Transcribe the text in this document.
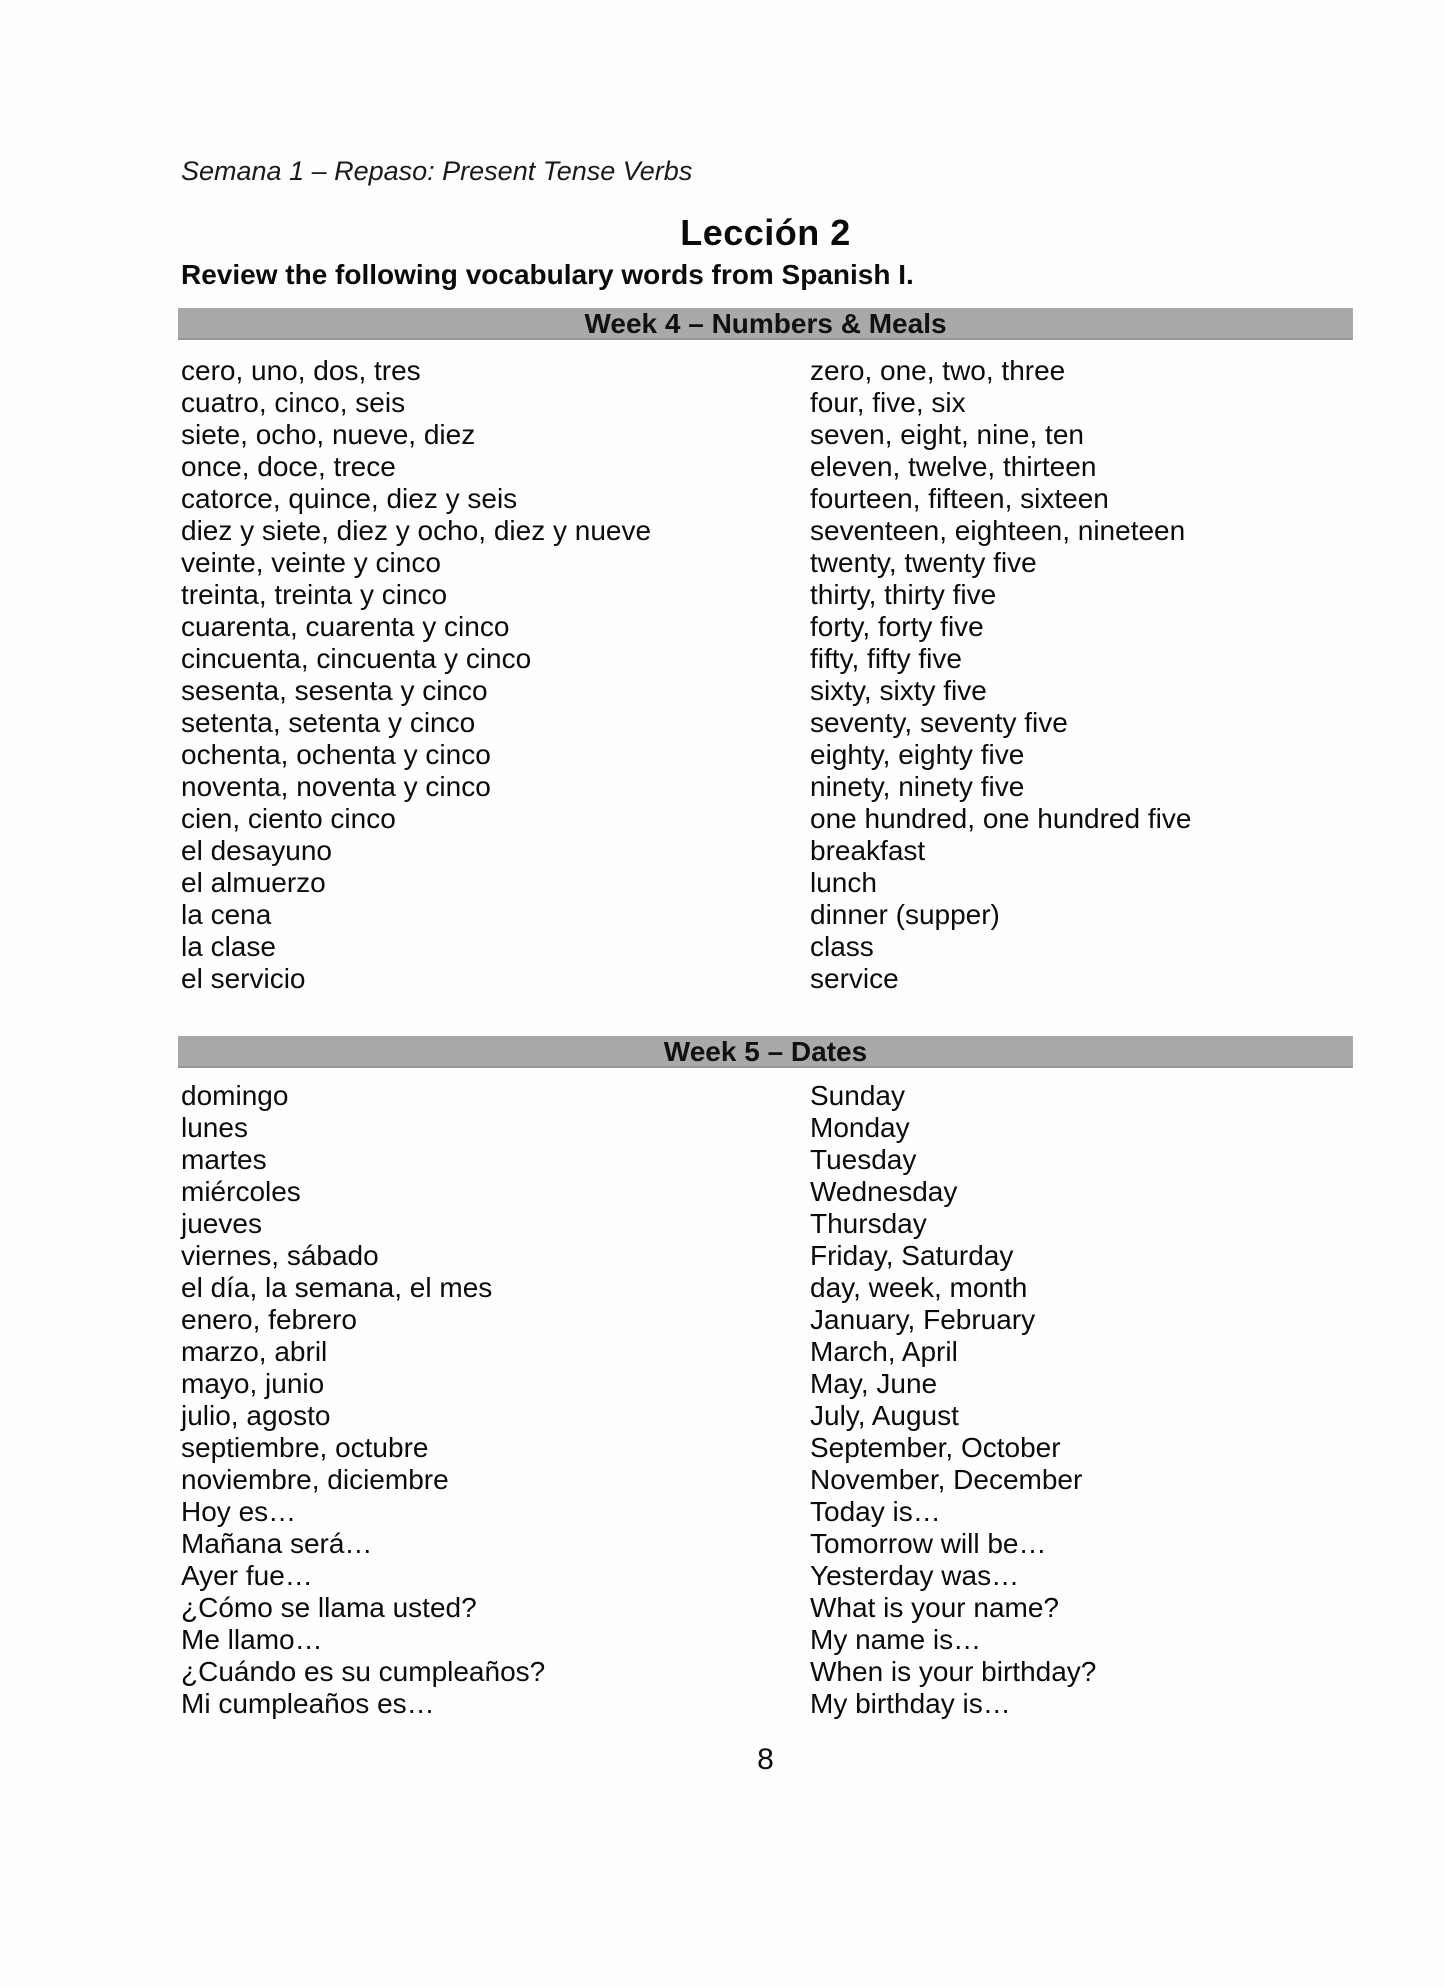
Semana 1 – Repaso: Present Tense Verbs
Lección 2
Review the following vocabulary words from Spanish I.
Week 4 – Numbers & Meals
cero, uno, dos, tres	zero, one, two, three
cuatro, cinco, seis	four, five, six
siete, ocho, nueve, diez	seven, eight, nine, ten
once, doce, trece	eleven, twelve, thirteen
catorce, quince, diez y seis	fourteen, fifteen, sixteen
diez y siete, diez y ocho, diez y nueve	seventeen, eighteen, nineteen
veinte, veinte y cinco	twenty, twenty five
treinta, treinta y cinco	thirty, thirty five
cuarenta, cuarenta y cinco	forty, forty five
cincuenta, cincuenta y cinco	fifty, fifty five
sesenta, sesenta y cinco	sixty, sixty five
setenta, setenta y cinco	seventy, seventy five
ochenta, ochenta y cinco	eighty, eighty five
noventa, noventa y cinco	ninety, ninety five
cien, ciento cinco	one hundred, one hundred five
el desayuno	breakfast
el almuerzo	lunch
la cena	dinner (supper)
la clase	class
el servicio	service
Week 5 – Dates
domingo	Sunday
lunes	Monday
martes	Tuesday
miércoles	Wednesday
jueves	Thursday
viernes, sábado	Friday, Saturday
el día, la semana, el mes	day, week, month
enero, febrero	January, February
marzo, abril	March, April
mayo, junio	May, June
julio, agosto	July, August
septiembre, octubre	September, October
noviembre, diciembre	November, December
Hoy es…	Today is…
Mañana será…	Tomorrow will be…
Ayer fue…	Yesterday was…
¿Cómo se llama usted?	What is your name?
Me llamo…	My name is…
¿Cuándo es su cumpleaños?	When is your birthday?
Mi cumpleaños es…	My birthday is…
8
